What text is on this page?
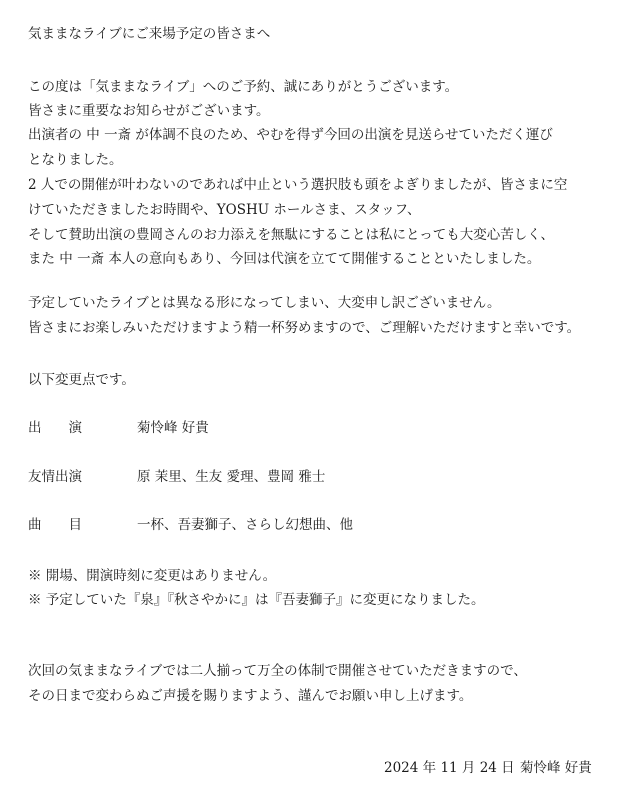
気ままなライブにご来場予定の皆さまへ
この度は「気ままなライブ」へのご予約、誠にありがとうございます。
皆さまに重要なお知らせがございます。
出演者の 中 一斎 が体調不良のため、やむを得ず今回の出演を見送らせていただく運び
となりました。
2 人での開催が叶わないのであれば中止という選択肢も頭をよぎりましたが、皆さまに空
けていただきましたお時間や、YOSHU ホールさま、スタッフ、
そして賛助出演の豊岡さんのお力添えを無駄にすることは私にとっても大変心苦しく、
また 中 一斎 本人の意向もあり、今回は代演を立てて開催することといたしました。
予定していたライブとは異なる形になってしまい、大変申し訳ございません。
皆さまにお楽しみいただけますよう精一杯努めますので、ご理解いただけますと幸いです。
以下変更点です。
出　　演	菊怜峰 好貴
友情出演	原 茉里、生友 愛理、豊岡 雅士
曲　　目	一杯、吾妻獅子、さらし幻想曲、他
※ 開場、開演時刻に変更はありません。
※ 予定していた『泉』『秋さやかに』は『吾妻獅子』に変更になりました。
次回の気ままなライブでは二人揃って万全の体制で開催させていただきますので、
その日まで変わらぬご声援を賜りますよう、謹んでお願い申し上げます。
2024 年 11 月 24 日 菊怜峰 好貴
